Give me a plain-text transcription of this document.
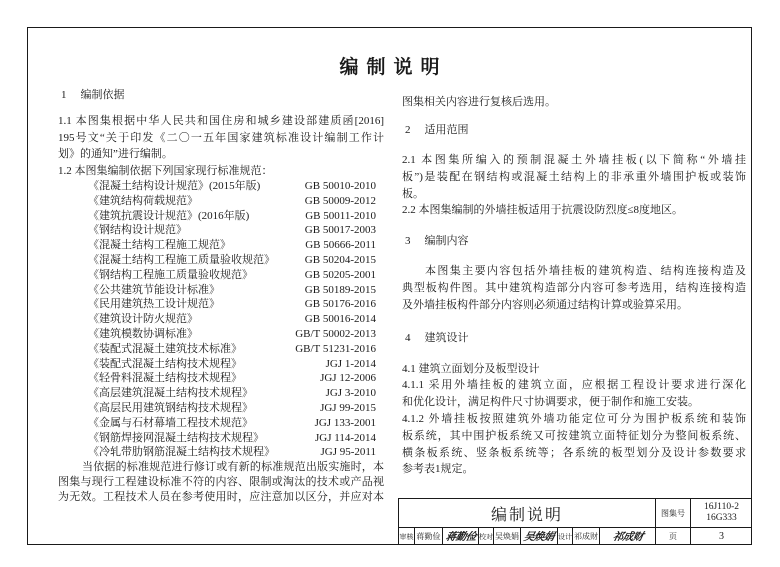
编制说明
1 编制依据
1.1 本图集根据中华人民共和国住房和城乡建设部建质函[2016]
195号文“关于印发《二〇一五年国家建筑标准设计编制工作计
划》的通知”进行编制。
1.2 本图集编制依据下列国家现行标准规范：
《混凝土结构设计规范》(2015年版)	GB 50010-2010
《建筑结构荷载规范》	GB 50009-2012
《建筑抗震设计规范》(2016年版)	GB 50011-2010
《钢结构设计规范》	GB 50017-2003
《混凝土结构工程施工规范》	GB 50666-2011
《混凝土结构工程施工质量验收规范》	GB 50204-2015
《钢结构工程施工质量验收规范》	GB 50205-2001
《公共建筑节能设计标准》	GB 50189-2015
《民用建筑热工设计规范》	GB 50176-2016
《建筑设计防火规范》	GB 50016-2014
《建筑模数协调标准》	GB/T 50002-2013
《装配式混凝土建筑技术标准》	GB/T 51231-2016
《装配式混凝土结构技术规程》	JGJ 1-2014
《轻骨料混凝土结构技术规程》	JGJ 12-2006
《高层建筑混凝土结构技术规程》	JGJ 3-2010
《高层民用建筑钢结构技术规程》	JGJ 99-2015
《金属与石材幕墙工程技术规范》	JGJ 133-2001
《钢筋焊接网混凝土结构技术规程》	JGJ 114-2014
《冷轧带肋钢筋混凝土结构技术规程》	JGJ 95-2011
当依据的标准规范进行修订或有新的标准规范出版实施时，本
图集与现行工程建设标准不符的内容、限制或淘汰的技术或产品视
为无效。工程技术人员在参考使用时，应注意加以区分，并应对本
图集相关内容进行复核后选用。
2 适用范围
2.1 本图集所编入的预制混凝土外墙挂板(以下简称“外墙挂
板”)是装配在钢结构或混凝土结构上的非承重外墙围护板或装饰
板。
2.2 本图集编制的外墙挂板适用于抗震设防烈度≤8度地区。
3 编制内容
本图集主要内容包括外墙挂板的建筑构造、结构连接构造及
典型板构件图。其中建筑构造部分内容可参考选用，结构连接构造
及外墙挂板构件部分内容则必须通过结构计算或验算采用。
4 建筑设计
4.1 建筑立面划分及板型设计
4.1.1 采用外墙挂板的建筑立面，应根据工程设计要求进行深化
和优化设计，满足构件尺寸协调要求，便于制作和施工安装。
4.1.2 外墙挂板按照建筑外墙功能定位可分为围护板系统和装饰
板系统，其中围护板系统又可按建筑立面特征划分为整间板系统、
横条板系统、竖条板系统等；各系统的板型划分及设计参数要求
参考表1规定。
编制说明	图集号
16J110-2
16G333
审核 蒋勤俭 蒋勤俭 校对 吴焕娟 吴焕娟 设计 祁成财 祁成财	页	3
